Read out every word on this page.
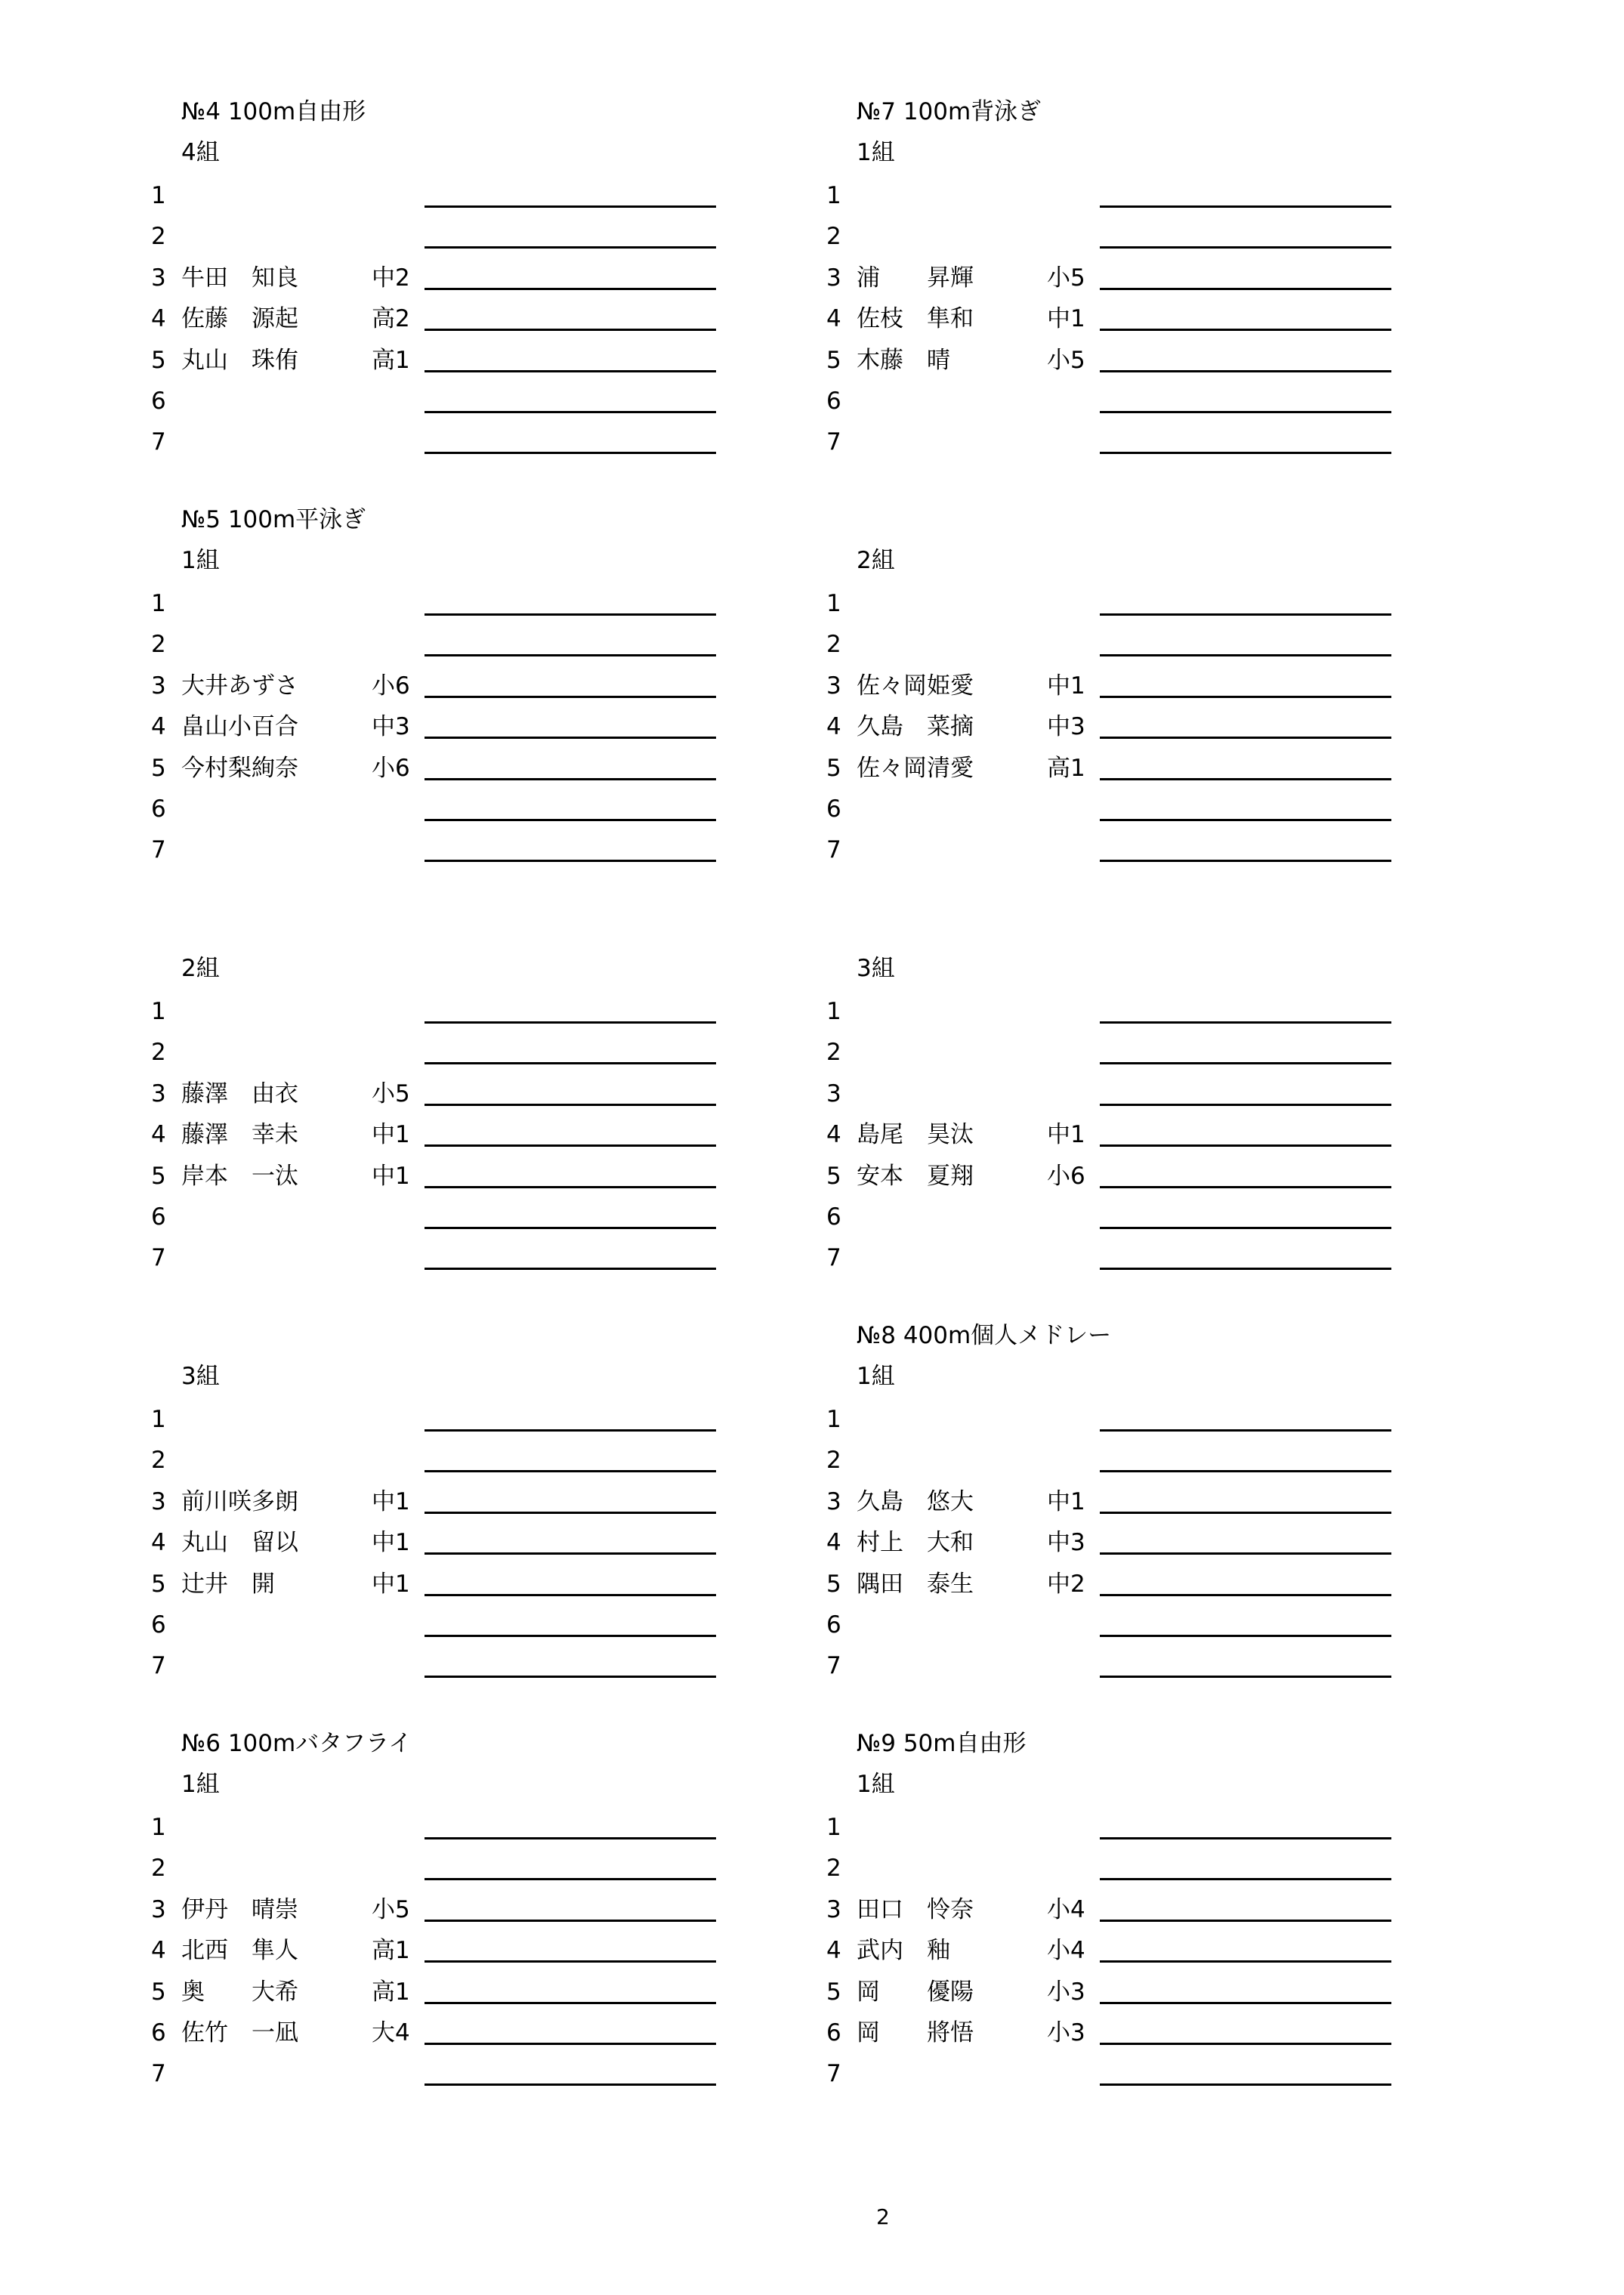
№4 100m自由形
4組
1
2
3 牛田　知良	中2
4 佐藤　源起	高2
5 丸山　珠侑	高1
6
7
№7 100m背泳ぎ
1組
1
2
3 浦　　昇輝	小5
4 佐枝　隼和	中1
5 木藤　晴	小5
6
7
№5 100m平泳ぎ
1組
1
2
3 大井あずさ	小6
4 畠山小百合	中3
5 今村梨絢奈	小6
6
7
2組
1
2
3 佐々岡姫愛	中1
4 久島　菜摘	中3
5 佐々岡清愛	高1
6
7
2組
1
2
3 藤澤　由衣	小5
4 藤澤　幸未	中1
5 岸本　一汰	中1
6
7
3組
1
2
3
4 島尾　昊汰	中1
5 安本　夏翔	小6
6
7
3組
1
2
3 前川咲多朗	中1
4 丸山　留以	中1
5 辻井　開	中1
6
7
№8 400m個人メドレー
1組
1
2
3 久島　悠大	中1
4 村上　大和	中3
5 隅田　泰生	中2
6
7
№6 100mバタフライ
1組
1
2
3 伊丹　晴崇	小5
4 北西　隼人	高1
5 奥　　大希	高1
6 佐竹　一凪	大4
7
№9 50m自由形
1組
1
2
3 田口　怜奈	小4
4 武内　釉	小4
5 岡　　優陽	小3
6 岡　　將悟	小3
7
2
